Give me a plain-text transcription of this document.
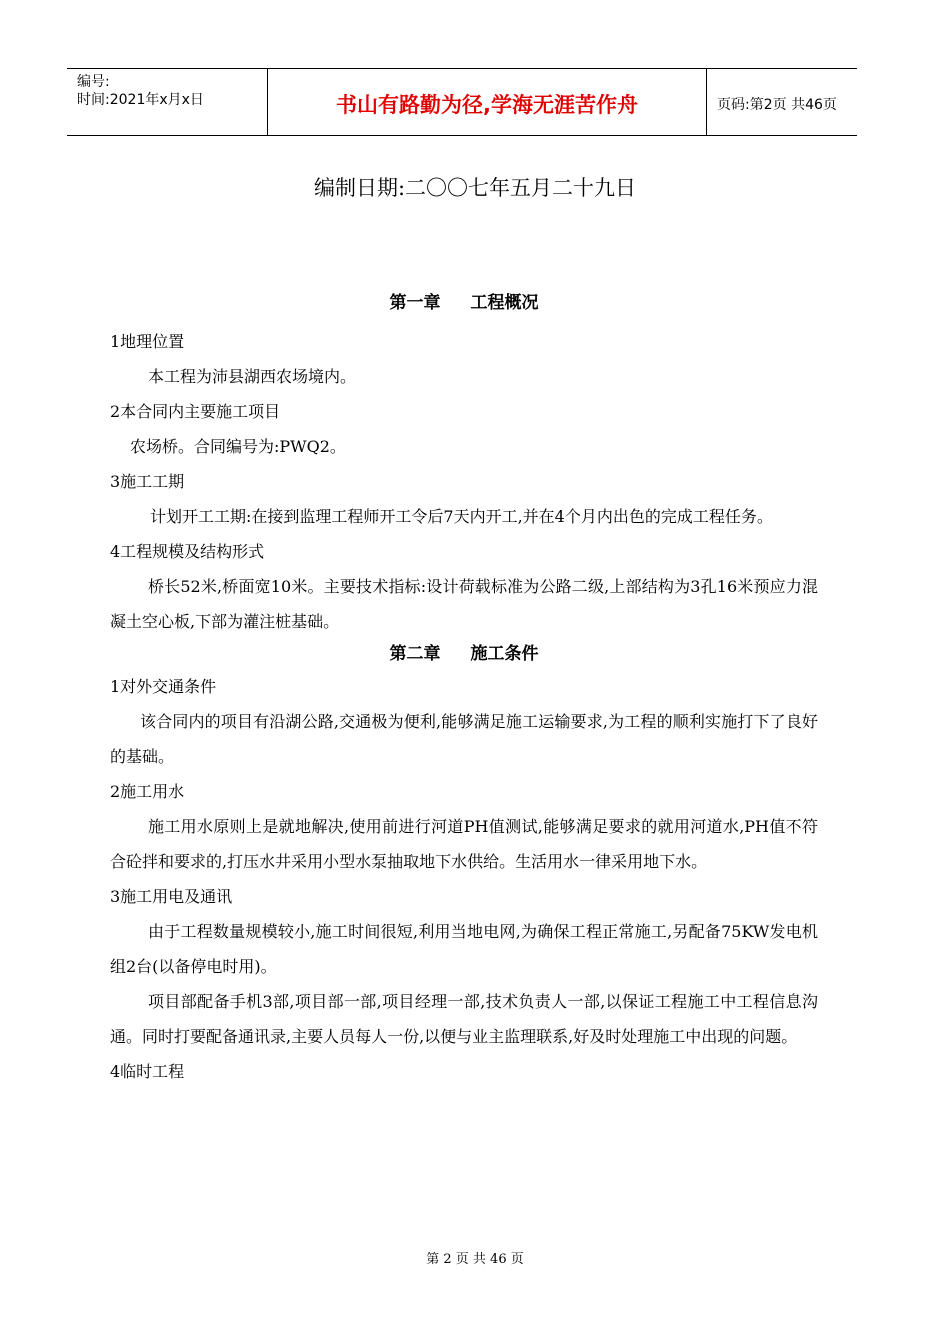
编号:
时间:2021年x月x日	书山有路勤为径,学海无涯苦作舟	页码:第2页 共46页
编制日期:二〇〇七年五月二十九日

第一章 工程概况

1地理位置

本工程为沛县湖西农场境内。

2本合同内主要施工项目

农场桥。合同编号为:PWQ2。

3施工工期

计划开工工期:在接到监理工程师开工令后7天内开工,并在4个月内出色的完成工程任务。

4工程规模及结构形式

桥长52米,桥面宽10米。主要技术指标:设计荷载标准为公路二级,上部结构为3孔16米预应力混凝土空心板,下部为灌注桩基础。

第二章 施工条件

1对外交通条件

该合同内的项目有沿湖公路,交通极为便利,能够满足施工运输要求,为工程的顺利实施打下了良好的基础。

2施工用水

施工用水原则上是就地解决,使用前进行河道PH值测试,能够满足要求的就用河道水,PH值不符合砼拌和要求的,打压水井采用小型水泵抽取地下水供给。生活用水一律采用地下水。

3施工用电及通讯

由于工程数量规模较小,施工时间很短,利用当地电网,为确保工程正常施工,另配备75KW发电机组2台(以备停电时用)。

项目部配备手机3部,项目部一部,项目经理一部,技术负责人一部,以保证工程施工中工程信息沟通。同时打要配备通讯录,主要人员每人一份,以便与业主监理联系,好及时处理施工中出现的问题。

4临时工程

第 2 页 共 46 页
